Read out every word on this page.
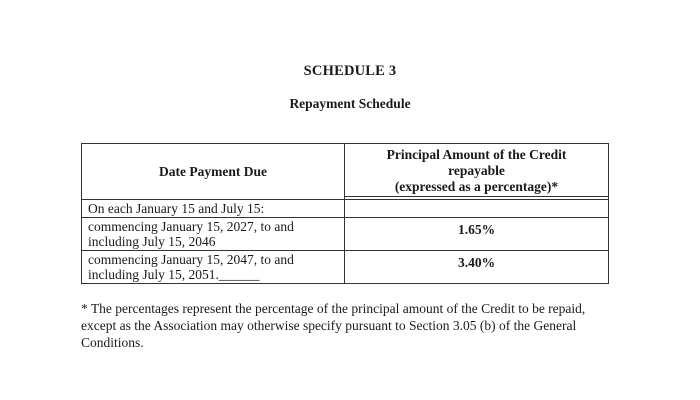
SCHEDULE 3
Repayment Schedule
Date Payment Due	Principal Amount of the Credit
repayable
(expressed as a percentage)*

On each January 15 and July 15:	

commencing January 15, 2027, to and
including July 15, 2046	1.65%

commencing January 15, 2047, to and
including July 15, 2051.______	3.40%
* The percentages represent the percentage of the principal amount of the Credit to be repaid, except as the Association may otherwise specify pursuant to Section 3.05 (b) of the General Conditions.
